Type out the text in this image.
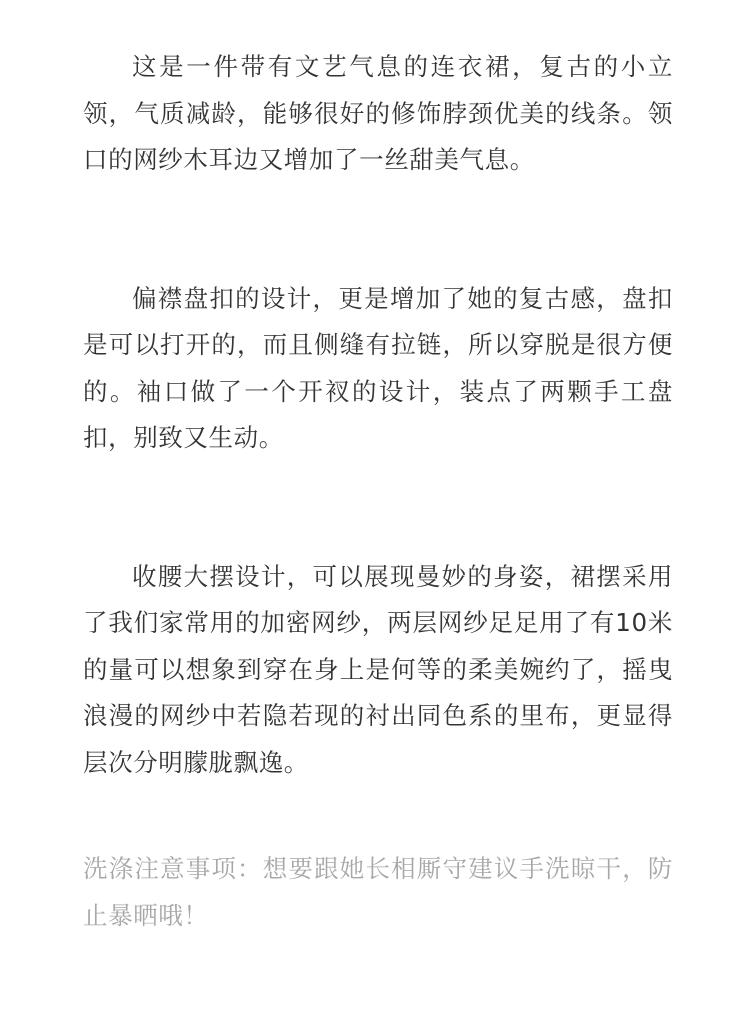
这是一件带有文艺气息的连衣裙，复古的小立领，气质减龄，能够很好的修饰脖颈优美的线条。领口的网纱木耳边又增加了一丝甜美气息。

偏襟盘扣的设计，更是增加了她的复古感，盘扣是可以打开的，而且侧缝有拉链，所以穿脱是很方便的。袖口做了一个开衩的设计，装点了两颗手工盘扣，别致又生动。

收腰大摆设计，可以展现曼妙的身姿，裙摆采用了我们家常用的加密网纱，两层网纱足足用了有10米的量可以想象到穿在身上是何等的柔美婉约了，摇曳浪漫的网纱中若隐若现的衬出同色系的里布，更显得层次分明朦胧飘逸。

洗涤注意事项：想要跟她长相厮守建议手洗晾干，防止暴晒哦！
